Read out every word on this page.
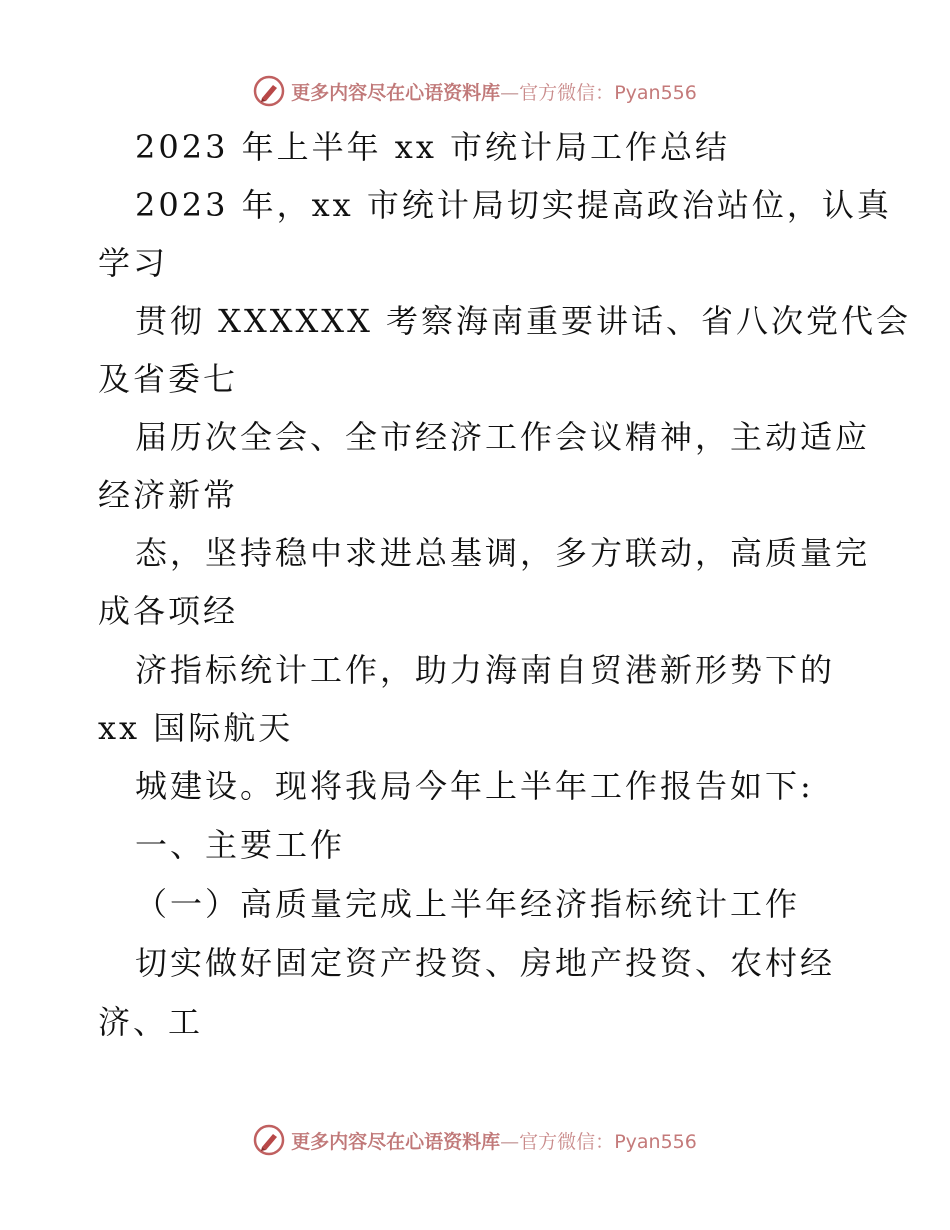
更多内容尽在心语资料库—官方微信：Pyan556
2023 年上半年 xx 市统计局工作总结
2023 年，xx 市统计局切实提高政治站位，认真
学习
贯彻 XXXXXX 考察海南重要讲话、省八次党代会
及省委七
届历次全会、全市经济工作会议精神，主动适应
经济新常
态，坚持稳中求进总基调，多方联动，高质量完
成各项经
济指标统计工作，助力海南自贸港新形势下的
xx 国际航天
城建设。现将我局今年上半年工作报告如下:
一、主要工作
（一）高质量完成上半年经济指标统计工作
切实做好固定资产投资、房地产投资、农村经
济、工
更多内容尽在心语资料库—官方微信：Pyan556
